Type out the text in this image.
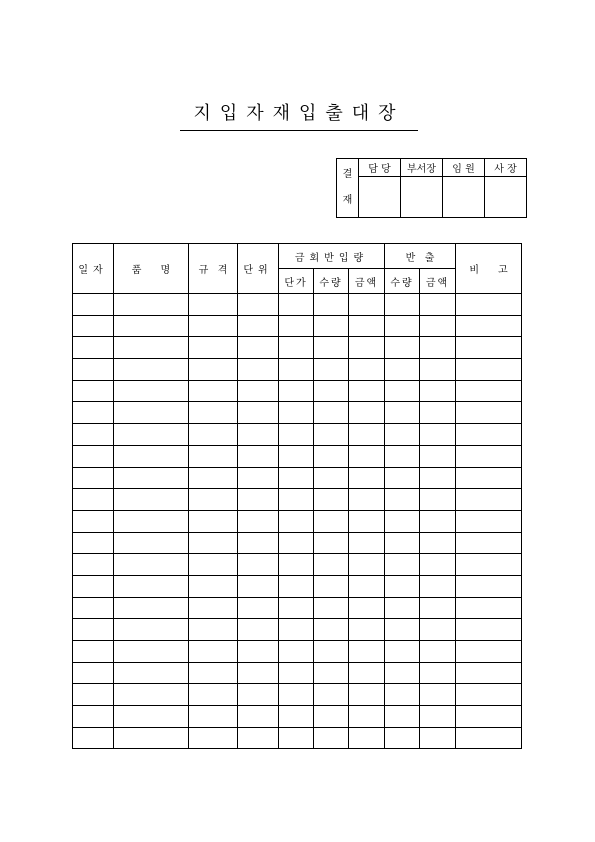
지입자재입출대장
결
재	담 당	부서장	임 원	사 장

일자	품      명	규   격	단위	금회반입량			반   출		비      고
				단가	수량	금액	수량	금액	
